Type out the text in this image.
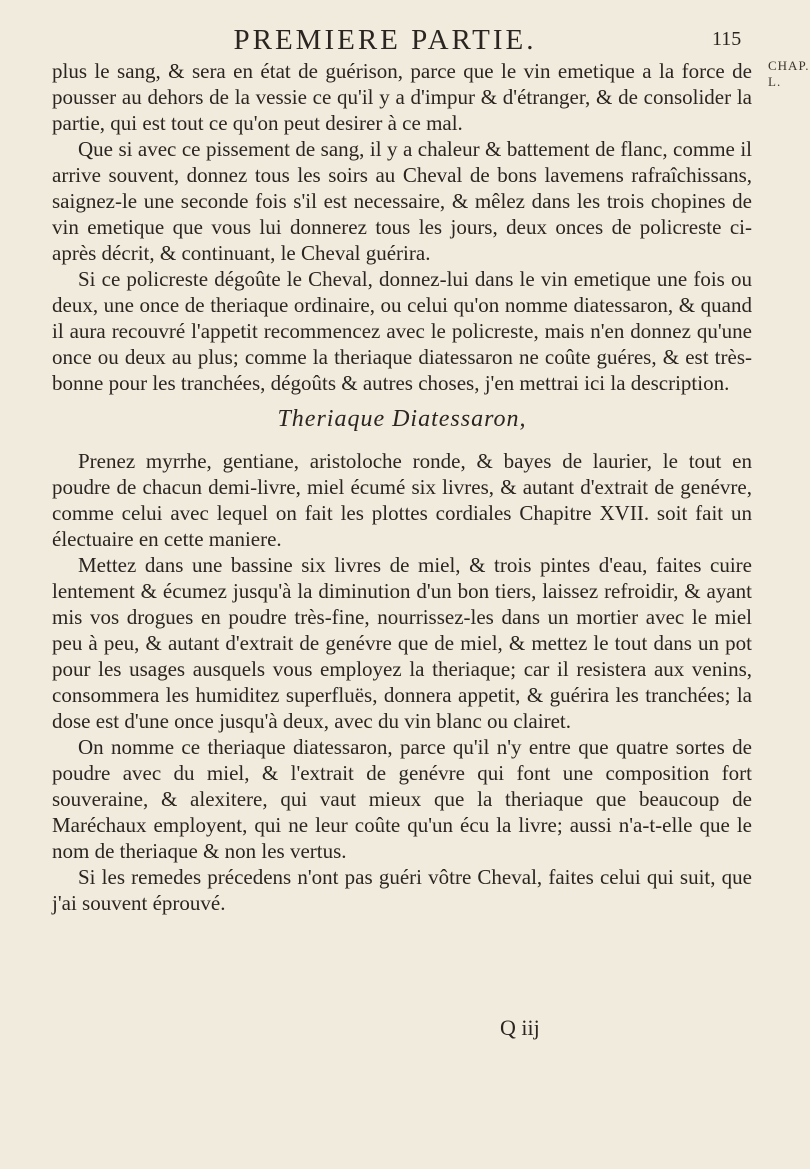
PREMIERE PARTIE.	115
CHAP.
L.

plus le sang, & sera en état de guérison, parce que le vin emetique a la force de pousser au dehors de la vessie ce qu'il y a d'impur & d'étranger, & de consolider la partie, qui est tout ce qu'on peut desirer à ce mal.

Que si avec ce pissement de sang, il y a chaleur & battement de flanc, comme il arrive souvent, donnez tous les soirs au Cheval de bons lavemens rafraîchissans, saignez-le une seconde fois s'il est necessaire, & mêlez dans les trois chopines de vin emetique que vous lui donnerez tous les jours, deux onces de policreste ci-après décrit, & continuant, le Cheval guérira.

Si ce policreste dégoûte le Cheval, donnez-lui dans le vin emetique une fois ou deux, une once de theriaque ordinaire, ou celui qu'on nomme diatessaron, & quand il aura recouvré l'appetit recommencez avec le policreste, mais n'en donnez qu'une once ou deux au plus; comme la theriaque diatessaron ne coûte guéres, & est très-bonne pour les tranchées, dégoûts & autres choses, j'en mettrai ici la description.

Theriaque Diatessaron,

Prenez myrrhe, gentiane, aristoloche ronde, & bayes de laurier, le tout en poudre de chacun demi-livre, miel écumé six livres, & autant d'extrait de genévre, comme celui avec lequel on fait les plottes cordiales Chapitre XVII. soit fait un électuaire en cette maniere.

Mettez dans une bassine six livres de miel, & trois pintes d'eau, faites cuire lentement & écumez jusqu'à la diminution d'un bon tiers, laissez refroidir, & ayant mis vos drogues en poudre très-fine, nourrissez-les dans un mortier avec le miel peu à peu, & autant d'extrait de genévre que de miel, & mettez le tout dans un pot pour les usages ausquels vous employez la theriaque; car il resistera aux venins, consommera les humiditez superfluës, donnera appetit, & guérira les tranchées; la dose est d'une once jusqu'à deux, avec du vin blanc ou clairet.

On nomme ce theriaque diatessaron, parce qu'il n'y entre que quatre sortes de poudre avec du miel, & l'extrait de genévre qui font une composition fort souveraine, & alexitere, qui vaut mieux que la theriaque que beaucoup de Maréchaux employent, qui ne leur coûte qu'un écu la livre; aussi n'a-t-elle que le nom de theriaque & non les vertus.

Si les remedes précedens n'ont pas guéri vôtre Cheval, faites celui qui suit, que j'ai souvent éprouvé.

Q iij
